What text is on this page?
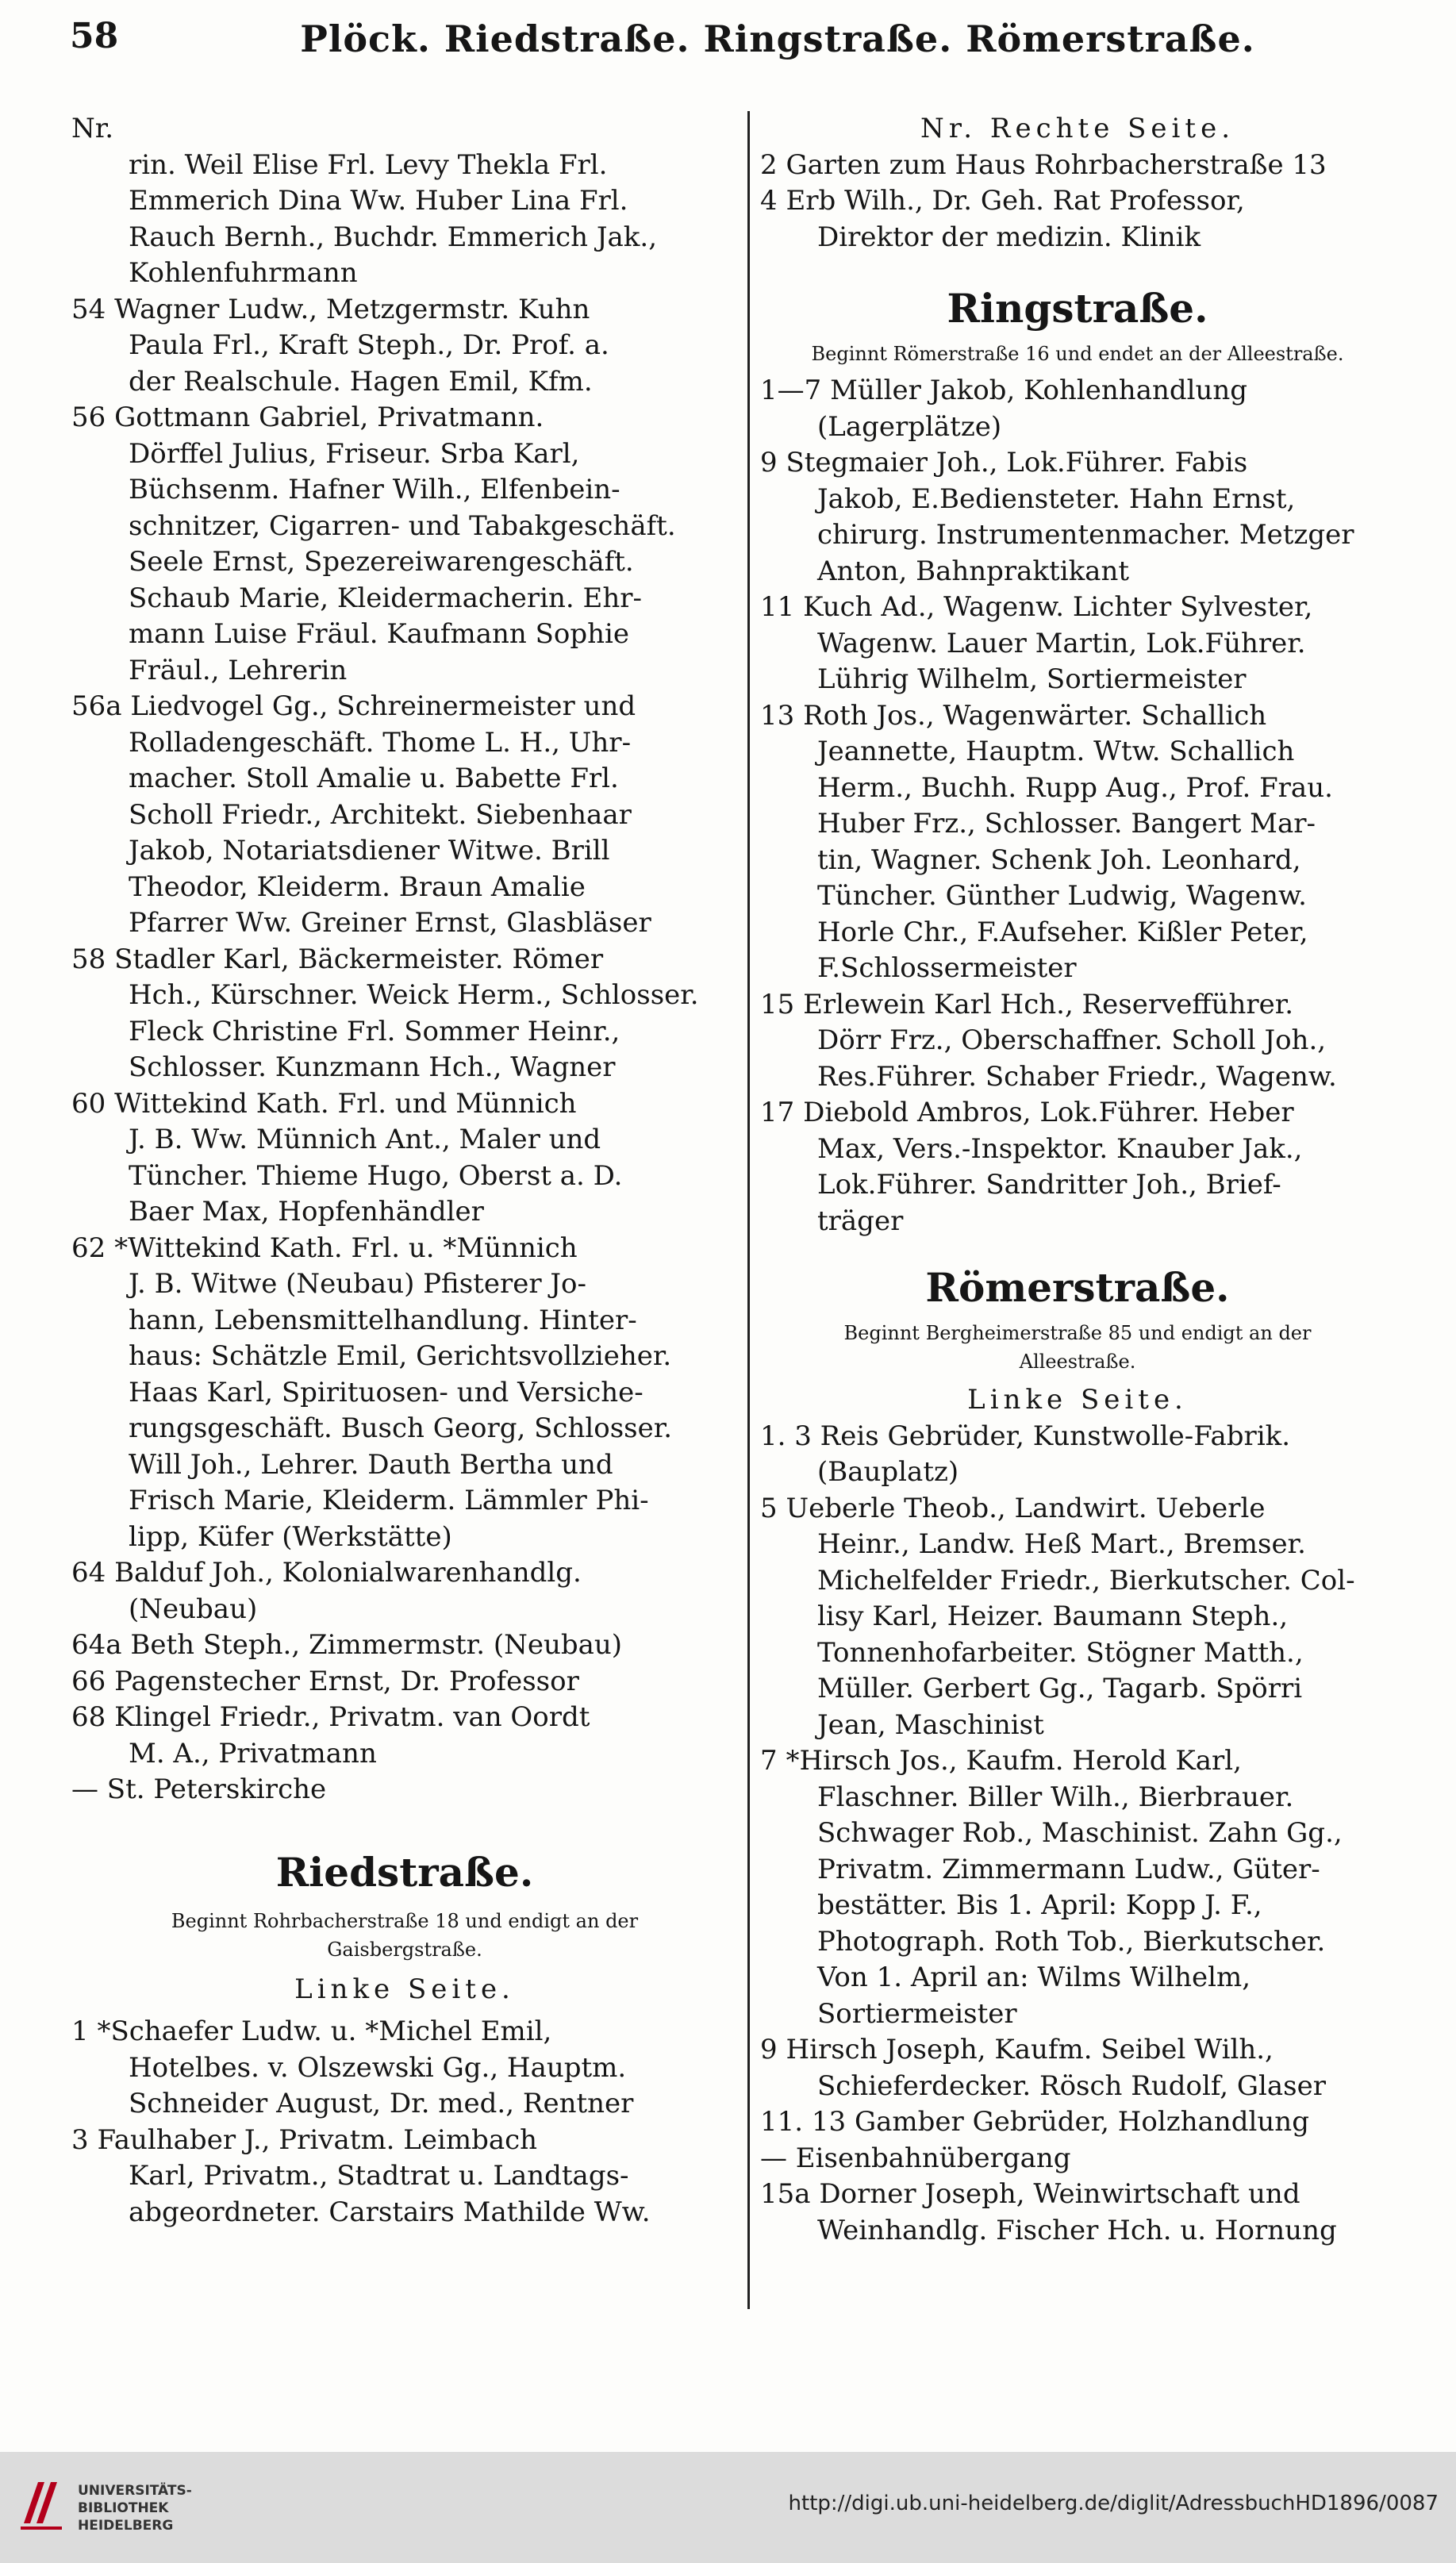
58	Plöck. Riedstraße. Ringstraße. Römerstraße.
Nr.
rin. Weil Elise Frl. Levy Thekla Frl.
Emmerich Dina Ww. Huber Lina Frl.
Rauch Bernh., Buchdr. Emmerich Jak.,
Kohlenfuhrmann
54 Wagner Ludw., Metzgermstr. Kuhn
Paula Frl., Kraft Steph., Dr. Prof. a.
der Realschule. Hagen Emil, Kfm.
56 Gottmann Gabriel, Privatmann.
Dörffel Julius, Friseur. Srba Karl,
Büchsenm. Hafner Wilh., Elfenbein-
schnitzer, Cigarren- und Tabakgeschäft.
Seele Ernst, Spezereiwarengeschäft.
Schaub Marie, Kleidermacherin. Ehr-
mann Luise Fräul. Kaufmann Sophie
Fräul., Lehrerin
56a Liedvogel Gg., Schreinermeister und
Rolladengeschäft. Thome L. H., Uhr-
macher. Stoll Amalie u. Babette Frl.
Scholl Friedr., Architekt. Siebenhaar
Jakob, Notariatsdiener Witwe. Brill
Theodor, Kleiderm. Braun Amalie
Pfarrer Ww. Greiner Ernst, Glasbläser
58 Stadler Karl, Bäckermeister. Römer
Hch., Kürschner. Weick Herm., Schlosser.
Fleck Christine Frl. Sommer Heinr.,
Schlosser. Kunzmann Hch., Wagner
60 Wittekind Kath. Frl. und Münnich
J. B. Ww. Münnich Ant., Maler und
Tüncher. Thieme Hugo, Oberst a. D.
Baer Max, Hopfenhändler
62 *Wittekind Kath. Frl. u. *Münnich
J. B. Witwe (Neubau) Pfisterer Jo-
hann, Lebensmittelhandlung. Hinter-
haus: Schätzle Emil, Gerichtsvollzieher.
Haas Karl, Spirituosen- und Versiche-
rungsgeschäft. Busch Georg, Schlosser.
Will Joh., Lehrer. Dauth Bertha und
Frisch Marie, Kleiderm. Lämmler Phi-
lipp, Küfer (Werkstätte)
64 Balduf Joh., Kolonialwarenhandlg.
(Neubau)
64a Beth Steph., Zimmermstr. (Neubau)
66 Pagenstecher Ernst, Dr. Professor
68 Klingel Friedr., Privatm. van Oordt
M. A., Privatmann
— St. Peterskirche
Riedstraße.
Beginnt Rohrbacherstraße 18 und endigt an der
Gaisbergstraße.
Linke Seite.
1 *Schaefer Ludw. u. *Michel Emil,
Hotelbes. v. Olszewski Gg., Hauptm.
Schneider August, Dr. med., Rentner
3 Faulhaber J., Privatm. Leimbach
Karl, Privatm., Stadtrat u. Landtags-
abgeordneter. Carstairs Mathilde Ww.
Nr. Rechte Seite.
2 Garten zum Haus Rohrbacherstraße 13
4 Erb Wilh., Dr. Geh. Rat Professor,
Direktor der medizin. Klinik
Ringstraße.
Beginnt Römerstraße 16 und endet an der Alleestraße.
1—7 Müller Jakob, Kohlenhandlung
(Lagerplätze)
9 Stegmaier Joh., Lok.Führer. Fabis
Jakob, E.Bediensteter. Hahn Ernst,
chirurg. Instrumentenmacher. Metzger
Anton, Bahnpraktikant
11 Kuch Ad., Wagenw. Lichter Sylvester,
Wagenw. Lauer Martin, Lok.Führer.
Lührig Wilhelm, Sortiermeister
13 Roth Jos., Wagenwärter. Schallich
Jeannette, Hauptm. Wtw. Schallich
Herm., Buchh. Rupp Aug., Prof. Frau.
Huber Frz., Schlosser. Bangert Mar-
tin, Wagner. Schenk Joh. Leonhard,
Tüncher. Günther Ludwig, Wagenw.
Horle Chr., F.Aufseher. Kißler Peter,
F.Schlossermeister
15 Erlewein Karl Hch., Reservefführer.
Dörr Frz., Oberschaffner. Scholl Joh.,
Res.Führer. Schaber Friedr., Wagenw.
17 Diebold Ambros, Lok.Führer. Heber
Max, Vers.-Inspektor. Knauber Jak.,
Lok.Führer. Sandritter Joh., Brief-
träger
Römerstraße.
Beginnt Bergheimerstraße 85 und endigt an der
Alleestraße.
Linke Seite.
1. 3 Reis Gebrüder, Kunstwolle-Fabrik.
(Bauplatz)
5 Ueberle Theob., Landwirt. Ueberle
Heinr., Landw. Heß Mart., Bremser.
Michelfelder Friedr., Bierkutscher. Col-
lisy Karl, Heizer. Baumann Steph.,
Tonnenhofarbeiter. Stögner Matth.,
Müller. Gerbert Gg., Tagarb. Spörri
Jean, Maschinist
7 *Hirsch Jos., Kaufm. Herold Karl,
Flaschner. Biller Wilh., Bierbrauer.
Schwager Rob., Maschinist. Zahn Gg.,
Privatm. Zimmermann Ludw., Güter-
bestätter. Bis 1. April: Kopp J. F.,
Photograph. Roth Tob., Bierkutscher.
Von 1. April an: Wilms Wilhelm,
Sortiermeister
9 Hirsch Joseph, Kaufm. Seibel Wilh.,
Schieferdecker. Rösch Rudolf, Glaser
11. 13 Gamber Gebrüder, Holzhandlung
— Eisenbahnübergang
15a Dorner Joseph, Weinwirtschaft und
Weinhandlg. Fischer Hch. u. Hornung
UNIVERSITÄTS-
BIBLIOTHEK
HEIDELBERG
http://digi.ub.uni-heidelberg.de/diglit/AdressbuchHD1896/0087
